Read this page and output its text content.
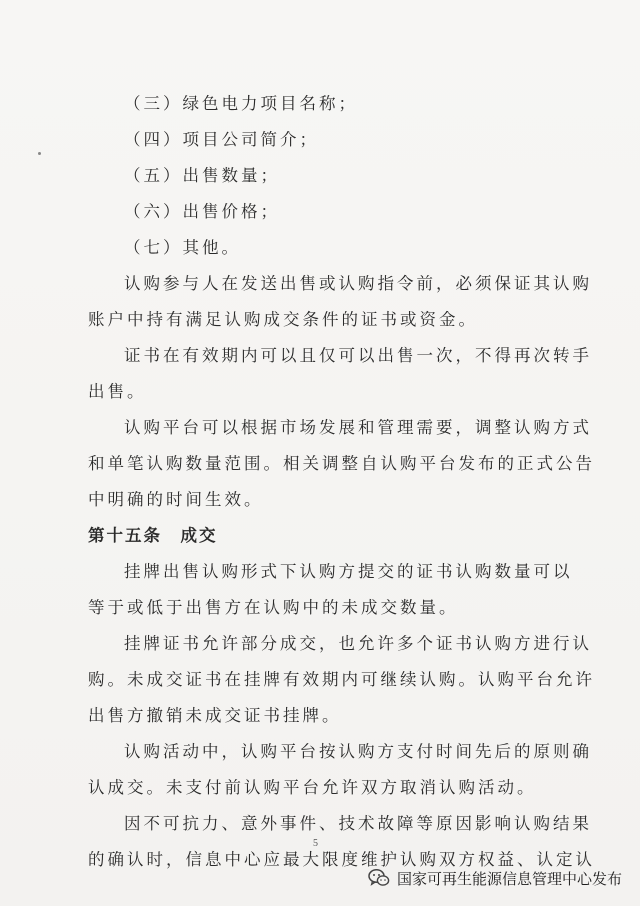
（三）绿色电力项目名称；
（四）项目公司简介；
（五）出售数量；
（六）出售价格；
（七）其他。
认购参与人在发送出售或认购指令前，必须保证其认购
账户中持有满足认购成交条件的证书或资金。
证书在有效期内可以且仅可以出售一次，不得再次转手
出售。
认购平台可以根据市场发展和管理需要，调整认购方式
和单笔认购数量范围。相关调整自认购平台发布的正式公告
中明确的时间生效。
第十五条　成交
挂牌出售认购形式下认购方提交的证书认购数量可以
等于或低于出售方在认购中的未成交数量。
挂牌证书允许部分成交，也允许多个证书认购方进行认
购。未成交证书在挂牌有效期内可继续认购。认购平台允许
出售方撤销未成交证书挂牌。
认购活动中，认购平台按认购方支付时间先后的原则确
认成交。未支付前认购平台允许双方取消认购活动。
因不可抗力、意外事件、技术故障等原因影响认购结果
的确认时，信息中心应最大限度维护认购双方权益、认定认
5
国家可再生能源信息管理中心发布
